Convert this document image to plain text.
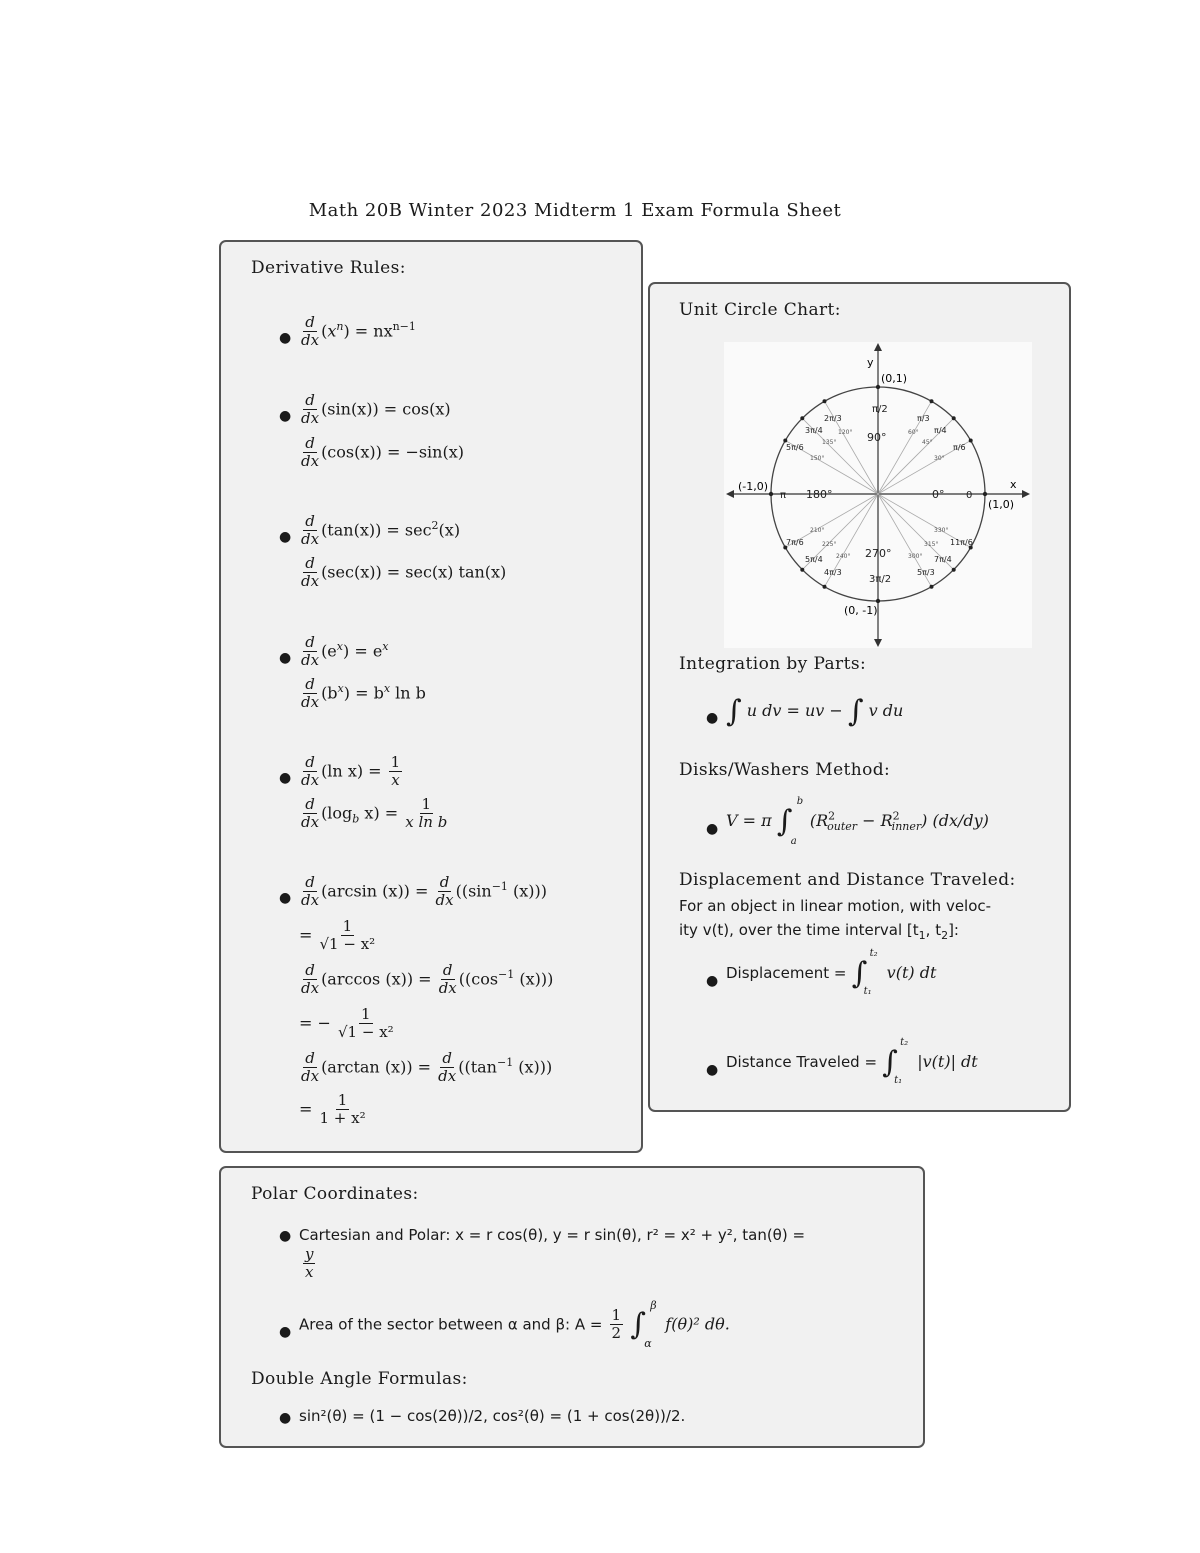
Math 20B Winter 2023 Midterm 1 Exam Formula Sheet
Derivative Rules:
● $\frac{d}{dx} (x^n) = nx^{n-1}$
● $\frac{d}{dx} (\sin(x)) = \cos(x)$
$\frac{d}{dx} (\cos(x)) = -\sin(x)$
● $\frac{d}{dx} (\tan(x)) = \sec^2(x)$
$\frac{d}{dx} (\sec(x)) = \sec(x)$ tan(x)
● $\frac{d}{dx} (e^x) = e^x$
$\frac{d}{dx} (b^x) = b^x$ ln b
● $\frac{d}{dx} (\ln$ $x) = \frac{1}{x}$
$\frac{d}{dx} (\log_b$ $x) = \frac{1}{\text{x ln b}}$
● $\frac{d}{dx} (\arcsin$ $(x)) = \frac{d}{dx} ((\sin^{-1}$ (x)))
= $\frac{1}{\text{√1 − x²}}$
$\frac{d}{dx} (\arccos$ $(x)) = \frac{d}{dx} ((\cos^{-1}$ (x)))
= − $\frac{1}{\text{√1 − x²}}$
$\frac{d}{dx} (\arctan$ $(x)) = \frac{d}{dx} ((\tan^{-1}$ (x)))
= $\frac{1}{\text{1 + x²}}$
Unit Circle Chart:
x
y
(0,1)
(-1,0)
(1,0)
(0, -1)
π/2
90°
π 180°	0° 0
3π/2
270°
π/3
π/4
π/6
2π/3
3π/4
5π/6
7π/6
5π/4
4π/3	5π/3
7π/4
11π/6
60°
45°
30°
120°
135°
150°
210°
225°
240°	300°
315°
330°
Integration by Parts:
● ∫ u dv = uv − ∫ v du
Disks/Washers Method:
● V = π ∫
b
a
$(R^2_{outer} - R^2_{inner})$ (dx/dy)
Displacement and Distance Traveled:
For an object in linear motion, with veloc-
ity v(t), over the time interval [$t_1$, $t_2$]:
● Displacement = ∫
t₂
t₁
v(t) dt
● Distance Traveled = ∫
t₂
t₁
|v(t)| dt
Polar Coordinates:
● Cartesian and Polar: x = r cos(θ), y = r sin(θ), r² = x² + y², tan(θ) =
$\frac{y}{x}$
● Area of the sector between α and β: $A = \frac{1}{2}$ ∫
β
α
f(θ)² dθ.
Double Angle Formulas:
● sin²(θ) = (1 − cos(2θ))/2, cos²(θ) = (1 + cos(2θ))/2.
